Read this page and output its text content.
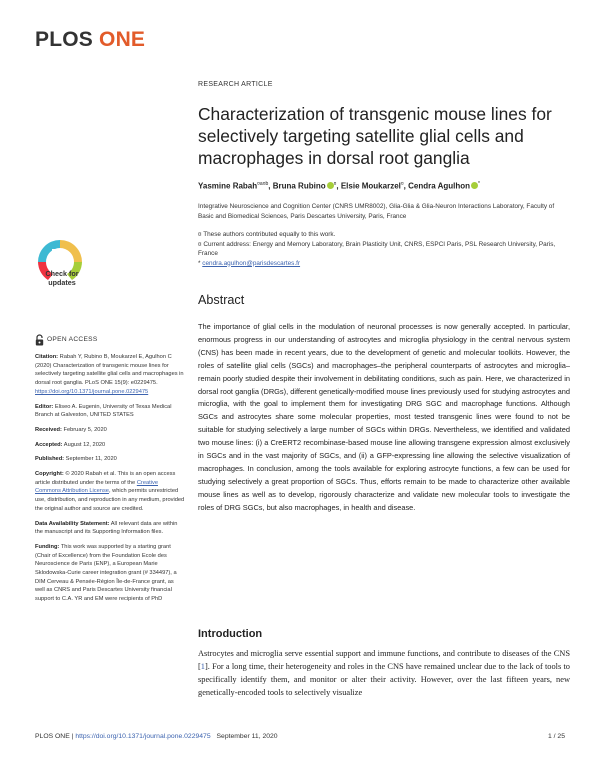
PLOS ONE
RESEARCH ARTICLE
Characterization of transgenic mouse lines for selectively targeting satellite glial cells and macrophages in dorsal root ganglia
Yasmine Rabah$^{¤a¤b}$, Bruna Rubino ¤, Elsie Moukarzel¤, Cendra Agulhon *
Integrative Neuroscience and Cognition Center (CNRS UMR8002), Glia-Glia & Glia-Neuron Interactions Laboratory, Faculty of Basic and Biomedical Sciences, Paris Descartes University, Paris, France
¤ These authors contributed equally to this work.
¤ Current address: Energy and Memory Laboratory, Brain Plasticity Unit, CNRS, ESPCI Paris, PSL Research University, Paris, France
* cendra.agulhon@parisdescartes.fr
Check for
updates
Abstract
The importance of glial cells in the modulation of neuronal processes is now generally accepted. In particular, enormous progress in our understanding of astrocytes and microglia physiology in the central nervous system (CNS) has been made in recent years, due to the development of genetic and molecular toolkits. However, the roles of satellite glial cells (SGCs) and macrophages–the peripheral counterparts of astrocytes and microglia–remain poorly studied despite their involvement in debilitating conditions, such as pain. Here, we characterized in dorsal root ganglia (DRGs), different genetically-modified mouse lines previously used for studying astrocytes and microglia, with the goal to implement them for investigating DRG SGC and macrophage functions. Although SGCs and astrocytes share some molecular properties, most tested transgenic lines were found to not be suitable for studying selectively a large number of SGCs within DRGs. Nevertheless, we identified and validated two mouse lines: (i) a CreERT2 recombinase-based mouse line allowing transgene expression almost exclusively in SGCs and in the vast majority of SGCs, and (ii) a GFP-expressing line allowing the selective visualization of macrophages. In conclusion, among the tools available for exploring astrocyte functions, a few can be used for studying selectively a great proportion of SGCs. Thus, efforts remain to be made to characterize other available mouse lines as well as to develop, rigorously characterize and validate new molecular tools to investigate the roles of DRG SGCs, but also macrophages, in health and disease.
OPEN ACCESS

Citation: Rabah Y, Rubino B, Moukarzel E, Agulhon C (2020) Characterization of transgenic mouse lines for selectively targeting satellite glial cells and macrophages in dorsal root ganglia. PLoS ONE 15(9): e0229475. https://doi.org/10.1371/journal.pone.0229475

Editor: Eliseo A. Eugenin, University of Texas Medical Branch at Galveston, UNITED STATES

Received: February 5, 2020

Accepted: August 12, 2020

Published: September 11, 2020

Copyright: © 2020 Rabah et al. This is an open access article distributed under the terms of the Creative Commons Attribution License, which permits unrestricted use, distribution, and reproduction in any medium, provided the original author and source are credited.

Data Availability Statement: All relevant data are within the manuscript and its Supporting Information files.

Funding: This work was supported by a starting grant (Chair of Excellence) from the Foundation Ecole des Neuroscience de Paris (ENP), a European Marie Sklodowska-Curie career integration grant (# 334497), a DIM Cerveau & Pensée-Région Île-de-France grant, as well as CNRS and Paris Descartes University financial support to C.A. YR and EM were recipients of PhD

Introduction
Astrocytes and microglia serve essential support and immune functions, and contribute to diseases of the CNS [1]. For a long time, their heterogeneity and roles in the CNS have remained unclear due to the lack of tools to specifically identify them, and monitor or alter their activity. However, over the last fifteen years, new genetically-encoded tools to selectively visualize
PLOS ONE | https://doi.org/10.1371/journal.pone.0229475 September 11, 2020	1 / 25
